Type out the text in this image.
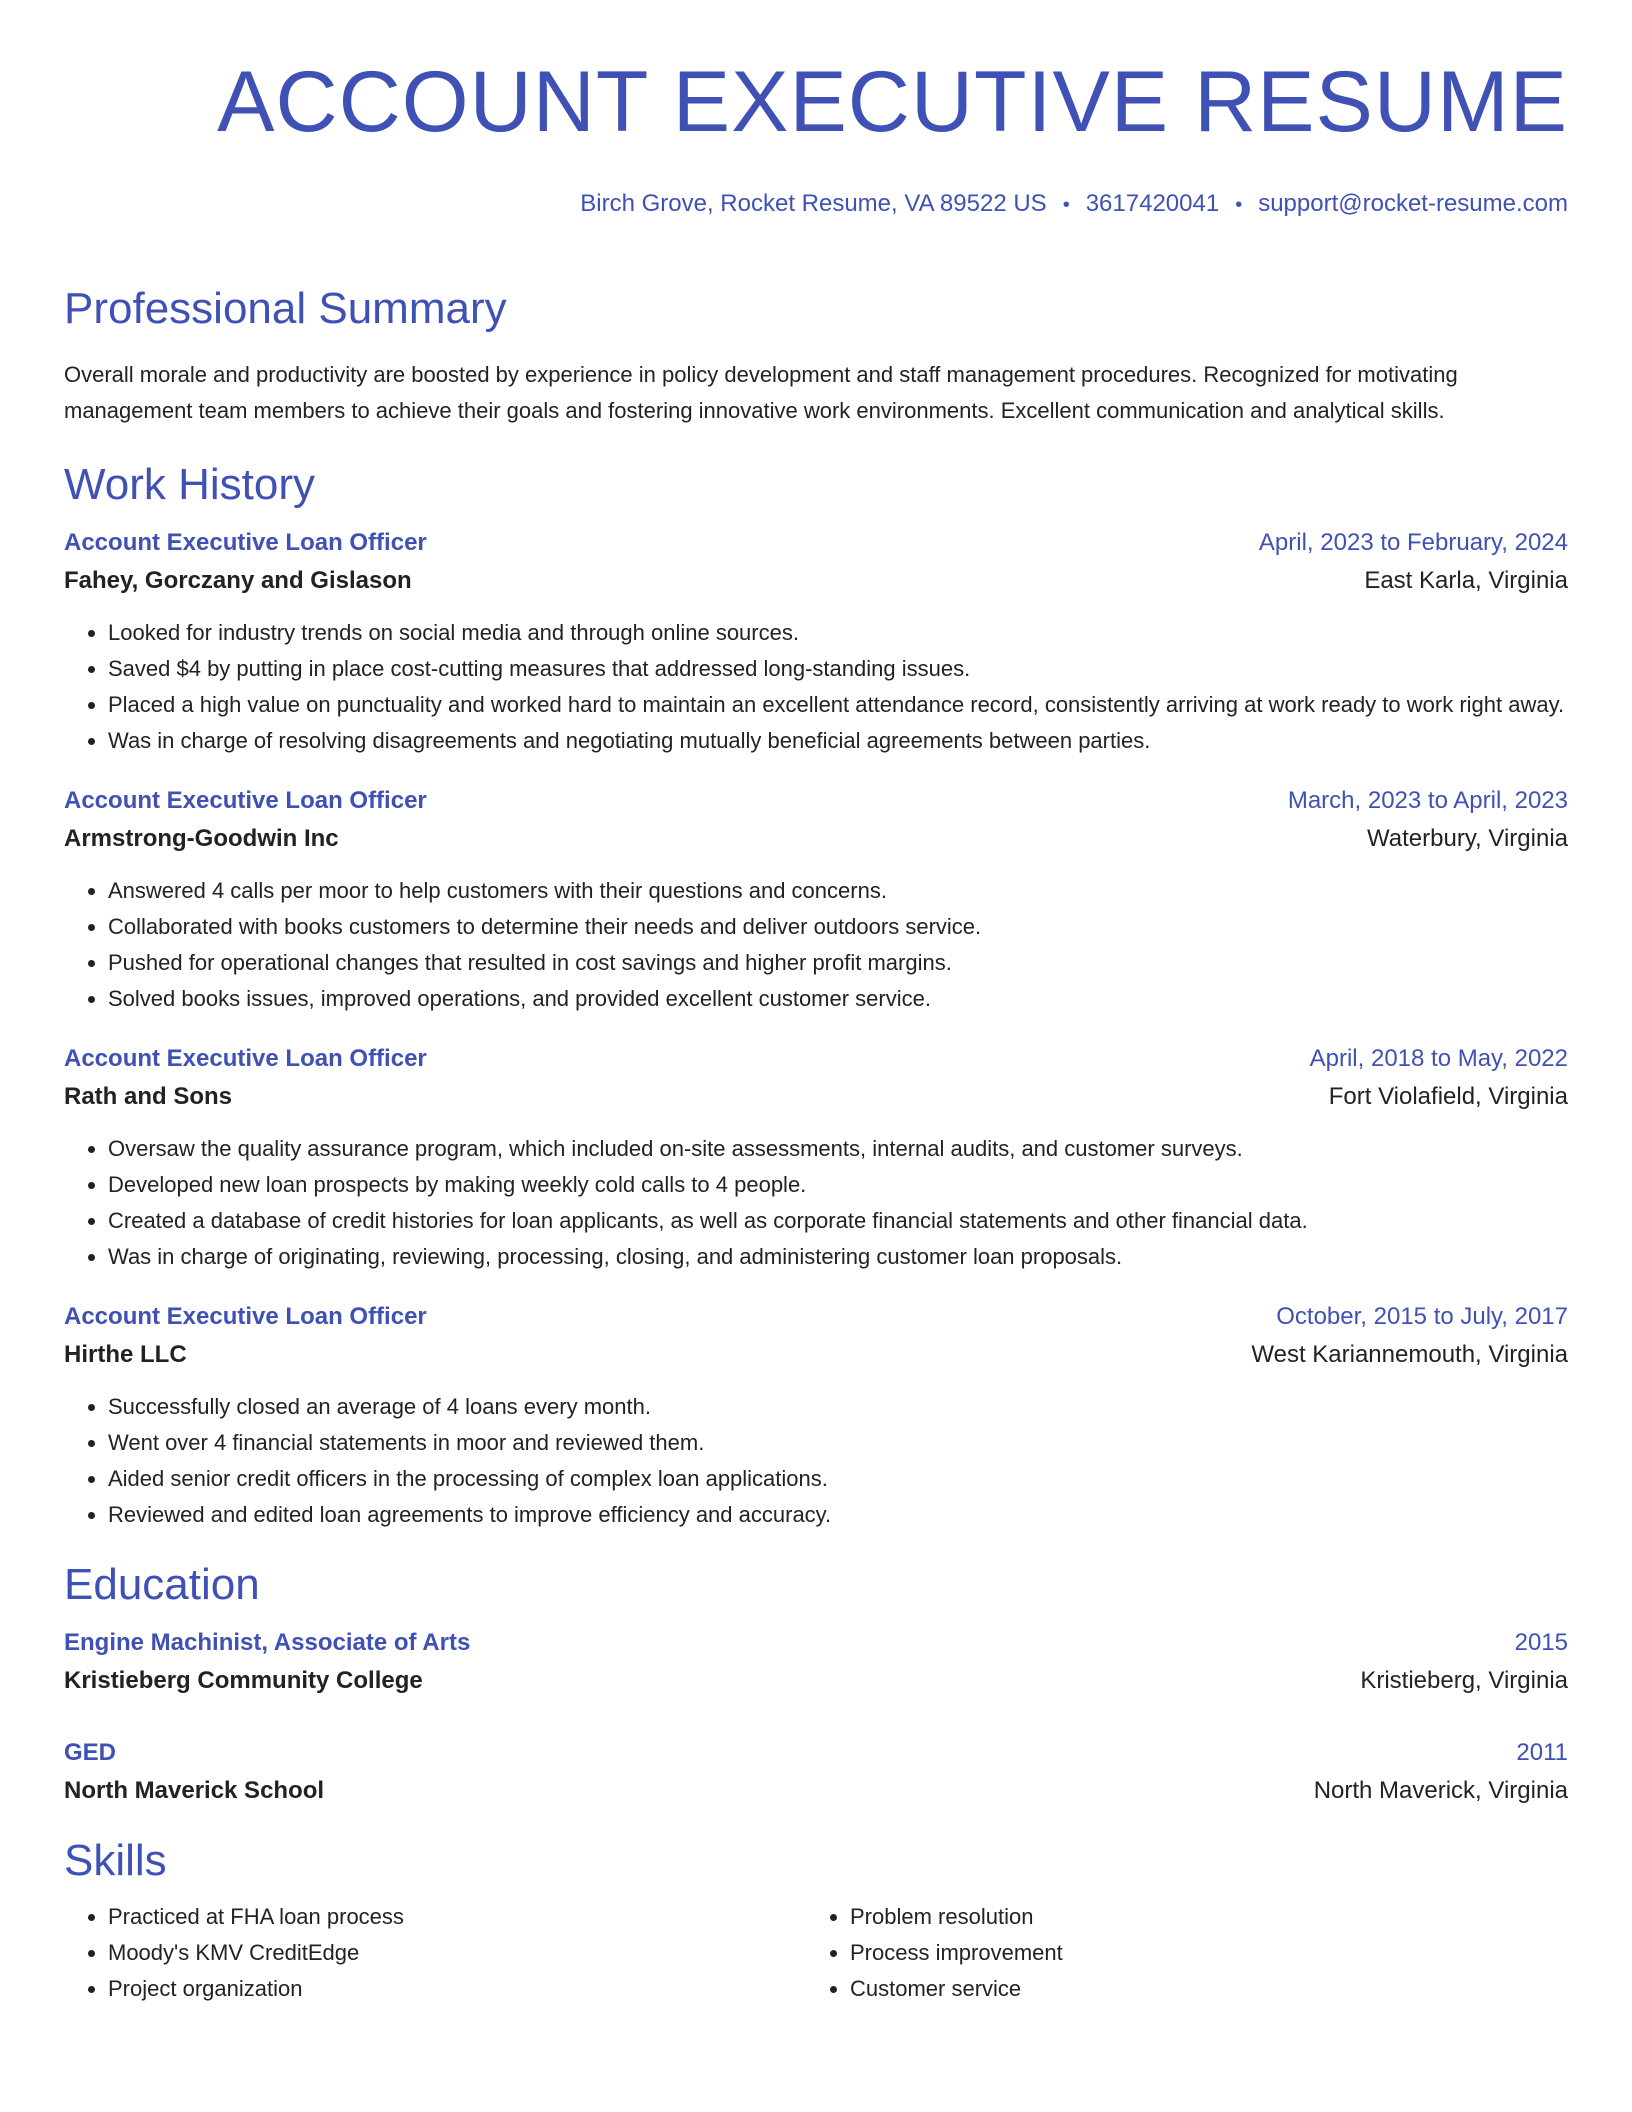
ACCOUNT EXECUTIVE RESUME
Birch Grove, Rocket Resume, VA 89522 US • 3617420041 • support@rocket-resume.com
Professional Summary
Overall morale and productivity are boosted by experience in policy development and staff management procedures. Recognized for motivating management team members to achieve their goals and fostering innovative work environments. Excellent communication and analytical skills.
Work History
Account Executive Loan Officer	April, 2023 to February, 2024
Fahey, Gorczany and Gislason	East Karla, Virginia
• Looked for industry trends on social media and through online sources.
• Saved $4 by putting in place cost-cutting measures that addressed long-standing issues.
• Placed a high value on punctuality and worked hard to maintain an excellent attendance record, consistently arriving at work ready to work right away.
• Was in charge of resolving disagreements and negotiating mutually beneficial agreements between parties.
Account Executive Loan Officer	March, 2023 to April, 2023
Armstrong-Goodwin Inc	Waterbury, Virginia
• Answered 4 calls per moor to help customers with their questions and concerns.
• Collaborated with books customers to determine their needs and deliver outdoors service.
• Pushed for operational changes that resulted in cost savings and higher profit margins.
• Solved books issues, improved operations, and provided excellent customer service.
Account Executive Loan Officer	April, 2018 to May, 2022
Rath and Sons	Fort Violafield, Virginia
• Oversaw the quality assurance program, which included on-site assessments, internal audits, and customer surveys.
• Developed new loan prospects by making weekly cold calls to 4 people.
• Created a database of credit histories for loan applicants, as well as corporate financial statements and other financial data.
• Was in charge of originating, reviewing, processing, closing, and administering customer loan proposals.
Account Executive Loan Officer	October, 2015 to July, 2017
Hirthe LLC	West Kariannemouth, Virginia
• Successfully closed an average of 4 loans every month.
• Went over 4 financial statements in moor and reviewed them.
• Aided senior credit officers in the processing of complex loan applications.
• Reviewed and edited loan agreements to improve efficiency and accuracy.
Education
Engine Machinist, Associate of Arts	2015
Kristieberg Community College	Kristieberg, Virginia
GED	2011
North Maverick School	North Maverick, Virginia
Skills
• Practiced at FHA loan process
• Moody's KMV CreditEdge
• Project organization
• Problem resolution
• Process improvement
• Customer service
